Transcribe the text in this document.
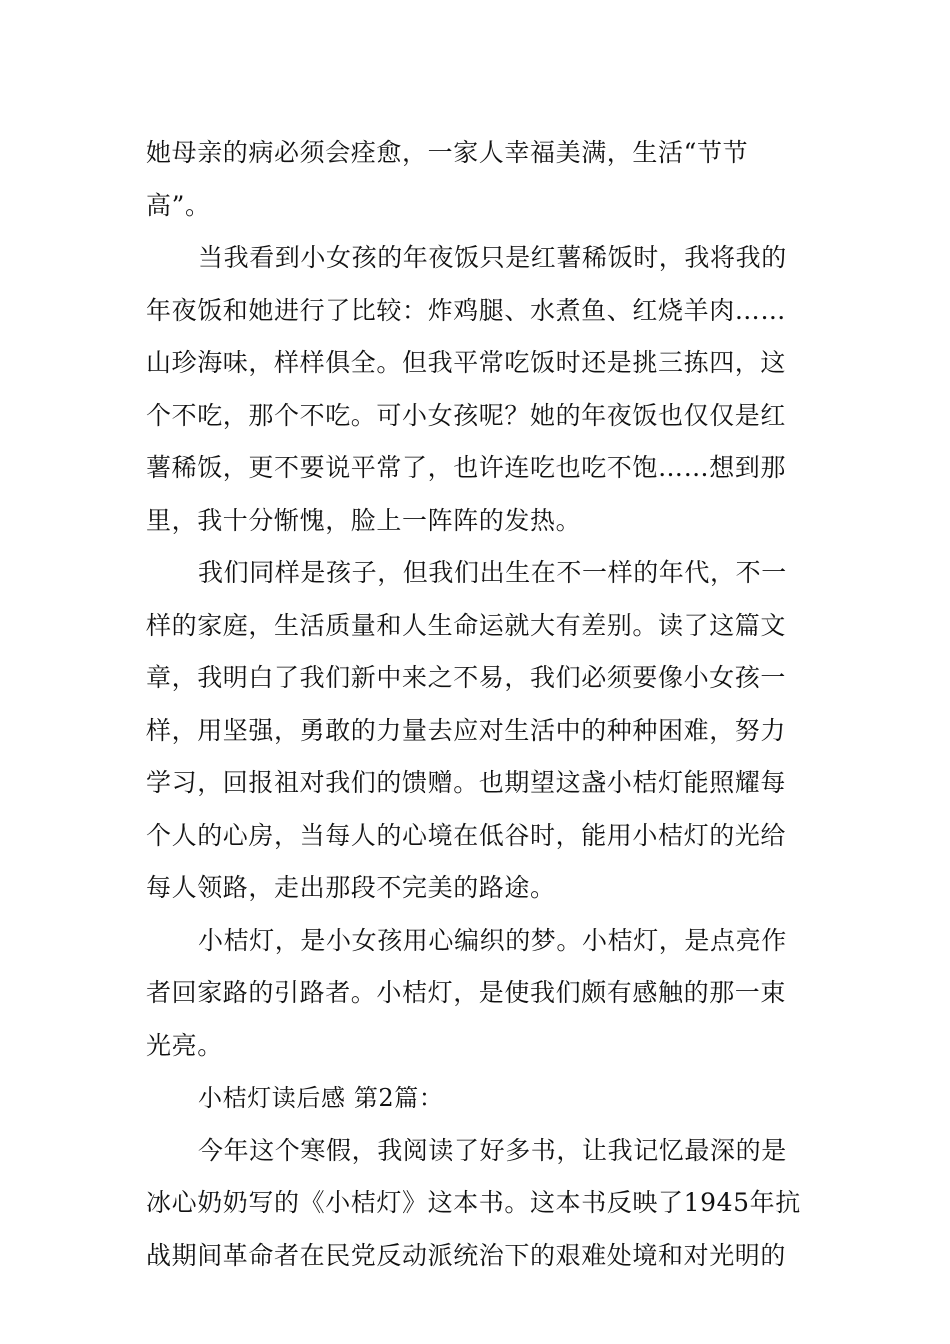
她母亲的病必须会痊愈，一家人幸福美满，生活“节节
高”。
当我看到小女孩的年夜饭只是红薯稀饭时，我将我的
年夜饭和她进行了比较：炸鸡腿、水煮鱼、红烧羊肉……
山珍海味，样样俱全。但我平常吃饭时还是挑三拣四，这
个不吃，那个不吃。可小女孩呢？她的年夜饭也仅仅是红
薯稀饭，更不要说平常了，也许连吃也吃不饱……想到那
里，我十分惭愧，脸上一阵阵的发热。
我们同样是孩子，但我们出生在不一样的年代，不一
样的家庭，生活质量和人生命运就大有差别。读了这篇文
章，我明白了我们新中来之不易，我们必须要像小女孩一
样，用坚强，勇敢的力量去应对生活中的种种困难，努力
学习，回报祖对我们的馈赠。也期望这盏小桔灯能照耀每
个人的心房，当每人的心境在低谷时，能用小桔灯的光给
每人领路，走出那段不完美的路途。
小桔灯，是小女孩用心编织的梦。小桔灯，是点亮作
者回家路的引路者。小桔灯，是使我们颇有感触的那一束
光亮。
小桔灯读后感 第2篇：
今年这个寒假，我阅读了好多书，让我记忆最深的是
冰心奶奶写的《小桔灯》这本书。这本书反映了1945年抗
战期间革命者在民党反动派统治下的艰难处境和对光明的
